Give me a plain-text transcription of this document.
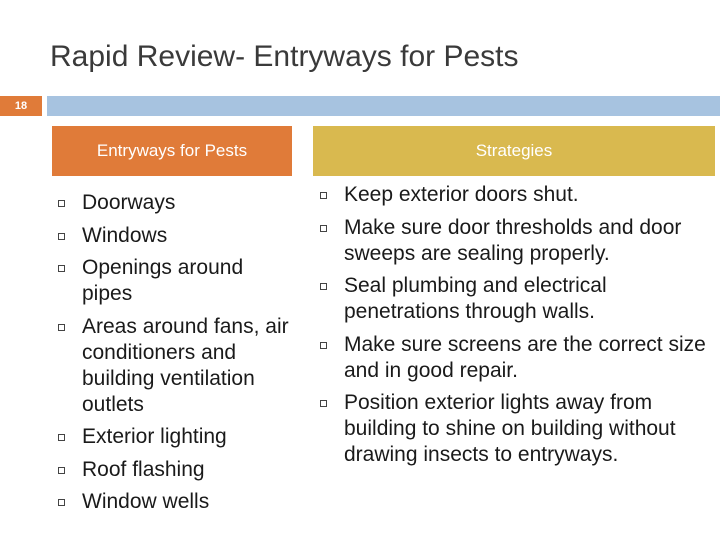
Rapid Review- Entryways for Pests
18
Entryways for Pests	Strategies
Doorways
Windows
Openings around pipes
Areas around fans, air conditioners and building ventilation outlets
Exterior lighting
Roof flashing
Window wells
Keep exterior doors shut.
Make sure door thresholds and door sweeps are sealing properly.
Seal plumbing and electrical penetrations through walls.
Make sure screens are the correct size and in good repair.
Position exterior lights away from building to shine on building without drawing insects to entryways.
